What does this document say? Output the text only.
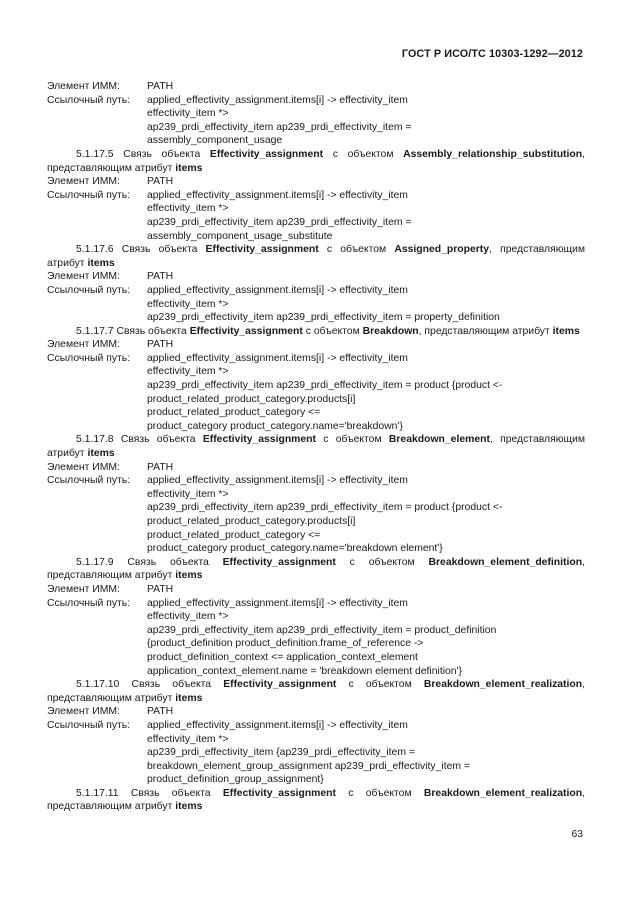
ГОСТ Р ИСО/ТС 10303-1292—2012
Элемент ИММ:	PATH
Ссылочный путь:	applied_effectivity_assignment.items[i] -> effectivity_item
effectivity_item *>
ap239_prdi_effectivity_item ap239_prdi_effectivity_item =
assembly_component_usage
5.1.17.5 Связь объекта Effectivity_assignment с объектом Assembly_relationship_substitution, представляющим атрибут items
Элемент ИММ:	PATH
Ссылочный путь:	applied_effectivity_assignment.items[i] -> effectivity_item
effectivity_item *>
ap239_prdi_effectivity_item ap239_prdi_effectivity_item =
assembly_component_usage_substitute
5.1.17.6 Связь объекта Effectivity_assignment с объектом Assigned_property, представляющим атрибут items
Элемент ИММ:	PATH
Ссылочный путь:	applied_effectivity_assignment.items[i] -> effectivity_item
effectivity_item *>
ap239_prdi_effectivity_item ap239_prdi_effectivity_item = property_definition
5.1.17.7 Связь объекта Effectivity_assignment с объектом Breakdown, представляющим атрибут items
Элемент ИММ:	PATH
Ссылочный путь:	applied_effectivity_assignment.items[i] -> effectivity_item
effectivity_item *>
ap239_prdi_effectivity_item ap239_prdi_effectivity_item = product {product <-
product_related_product_category.products[i]
product_related_product_category <=
product_category product_category.name='breakdown'}
5.1.17.8 Связь объекта Effectivity_assignment с объектом Breakdown_element, представляющим атрибут items
Элемент ИММ:	PATH
Ссылочный путь:	applied_effectivity_assignment.items[i] -> effectivity_item
effectivity_item *>
ap239_prdi_effectivity_item ap239_prdi_effectivity_item = product {product <-
product_related_product_category.products[i]
product_related_product_category <=
product_category product_category.name='breakdown element'}
5.1.17.9 Связь объекта Effectivity_assignment с объектом Breakdown_element_definition, представляющим атрибут items
Элемент ИММ:	PATH
Ссылочный путь:	applied_effectivity_assignment.items[i] -> effectivity_item
effectivity_item *>
ap239_prdi_effectivity_item ap239_prdi_effectivity_item = product_definition
{product_definition product_definition.frame_of_reference ->
product_definition_context <= application_context_element
application_context_element.name = 'breakdown element definition'}
5.1.17.10 Связь объекта Effectivity_assignment с объектом Breakdown_element_realization, представляющим атрибут items
Элемент ИММ:	PATH
Ссылочный путь:	applied_effectivity_assignment.items[i] -> effectivity_item
effectivity_item *>
ap239_prdi_effectivity_item {ap239_prdi_effectivity_item =
breakdown_element_group_assignment ap239_prdi_effectivity_item =
product_definition_group_assignment}
5.1.17.11 Связь объекта Effectivity_assignment с объектом Breakdown_element_realization, представляющим атрибут items
63
